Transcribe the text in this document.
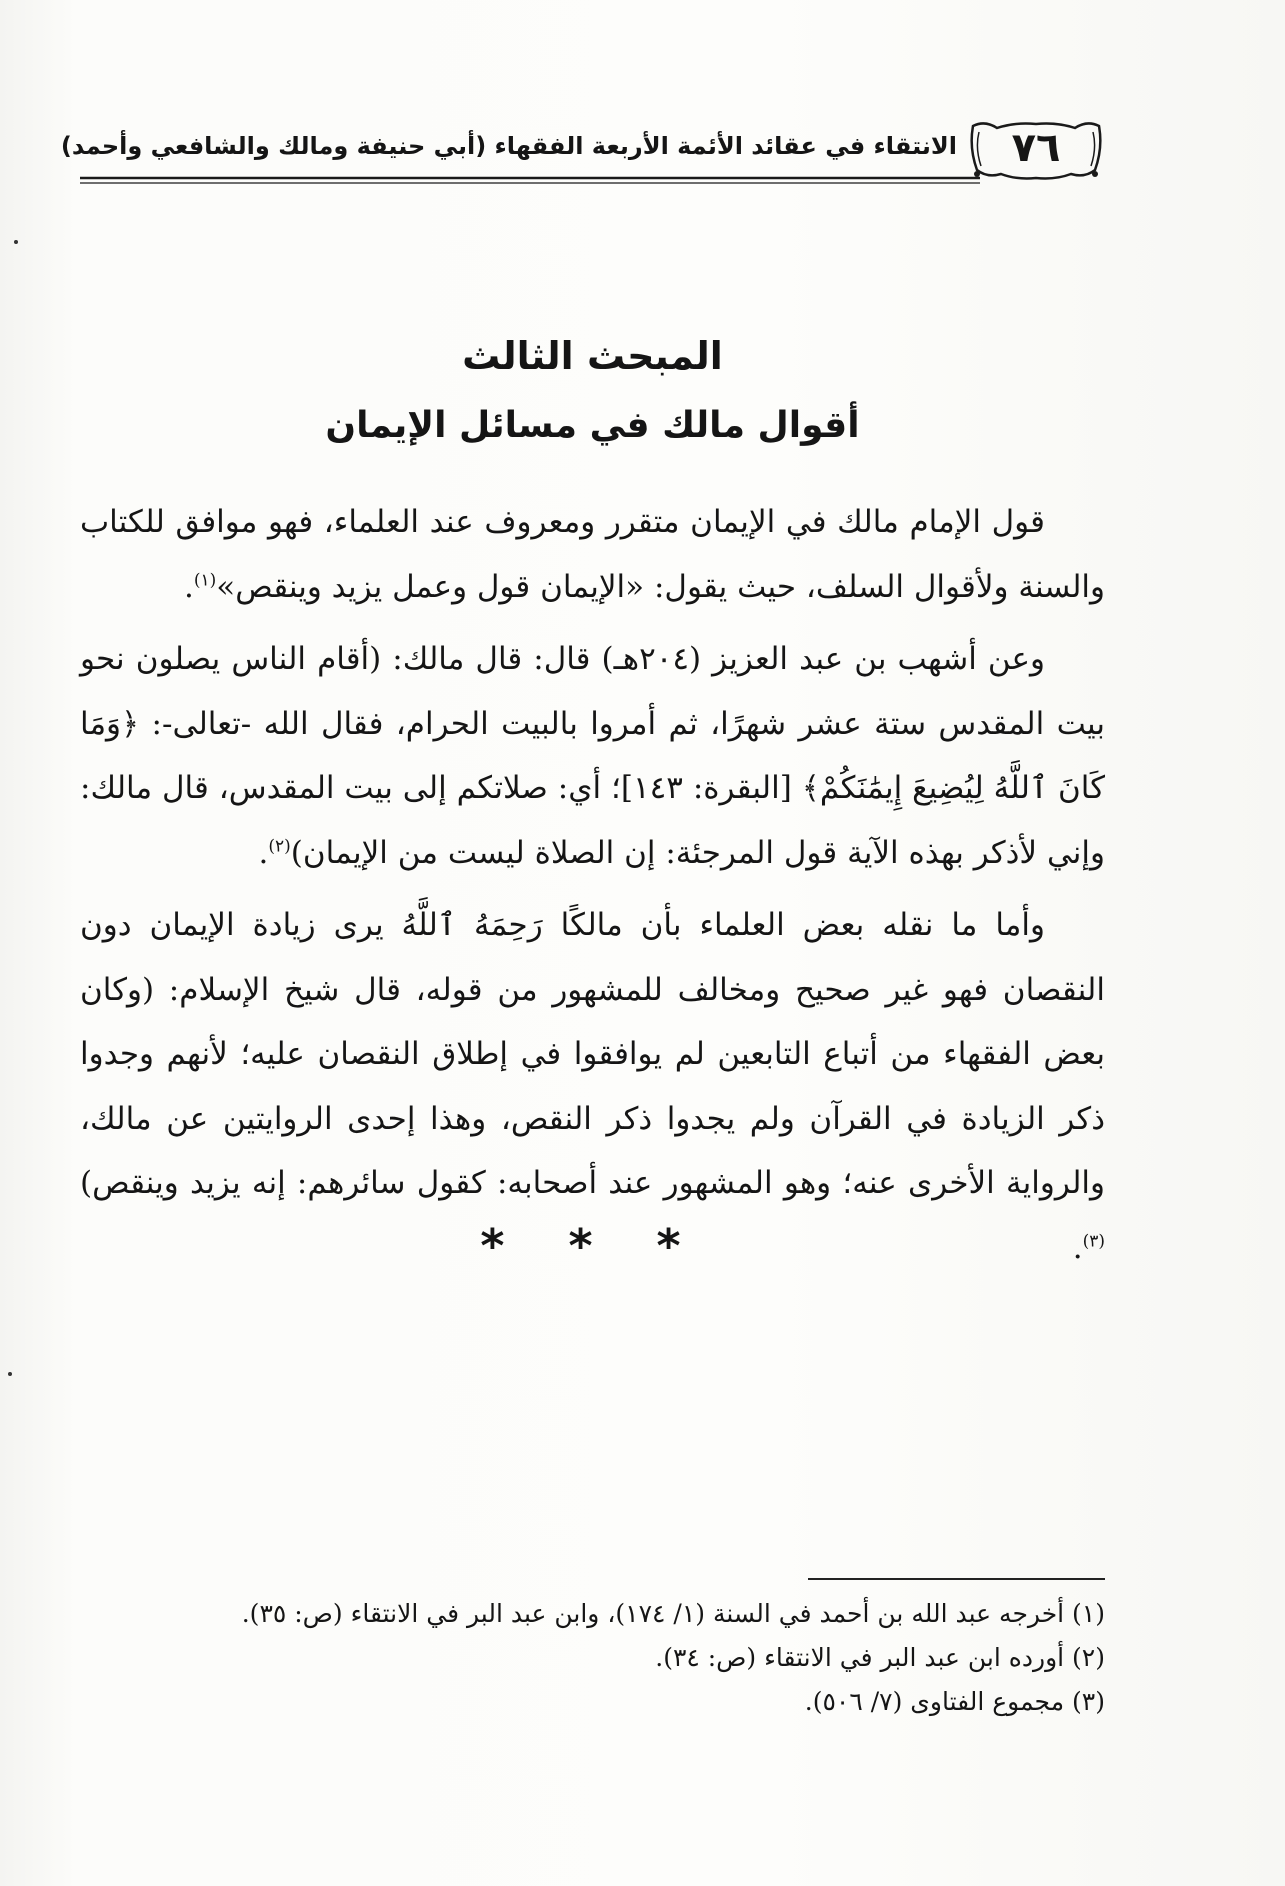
٧٦
الانتقاء في عقائد الأئمة الأربعة الفقهاء (أبي حنيفة ومالك والشافعي وأحمد)
المبحث الثالث
أقوال مالك في مسائل الإيمان

قول الإمام مالك في الإيمان متقرر ومعروف عند العلماء، فهو موافق للكتاب والسنة ولأقوال السلف، حيث يقول: «الإيمان قول وعمل يزيد وينقص»$^{(١)}$.

وعن أشهب بن عبد العزيز (٢٠٤هـ) قال: قال مالك: (أقام الناس يصلون نحو بيت المقدس ستة عشر شهرًا، ثم أمروا بالبيت الحرام، فقال الله -تعالى-: ﴿وَمَا كَانَ ٱللَّهُ لِيُضِيعَ إِيمَٰنَكُمْ﴾ [البقرة: ١٤٣]؛ أي: صلاتكم إلى بيت المقدس، قال مالك: وإني لأذكر بهذه الآية قول المرجئة: إن الصلاة ليست من الإيمان)$^{(٢)}$.

وأما ما نقله بعض العلماء بأن مالكًا رَحِمَهُ ٱللَّهُ يرى زيادة الإيمان دون النقصان فهو غير صحيح ومخالف للمشهور من قوله، قال شيخ الإسلام: (وكان بعض الفقهاء من أتباع التابعين لم يوافقوا في إطلاق النقصان عليه؛ لأنهم وجدوا ذكر الزيادة في القرآن ولم يجدوا ذكر النقص، وهذا إحدى الروايتين عن مالك، والرواية الأخرى عنه؛ وهو المشهور عند أصحابه: كقول سائرهم: إنه يزيد وينقص)$^{(٣)}$.

* * *
(١) أخرجه عبد الله بن أحمد في السنة (١/ ١٧٤)، وابن عبد البر في الانتقاء (ص: ٣٥).
(٢) أورده ابن عبد البر في الانتقاء (ص: ٣٤).
(٣) مجموع الفتاوى (٧/ ٥٠٦).
